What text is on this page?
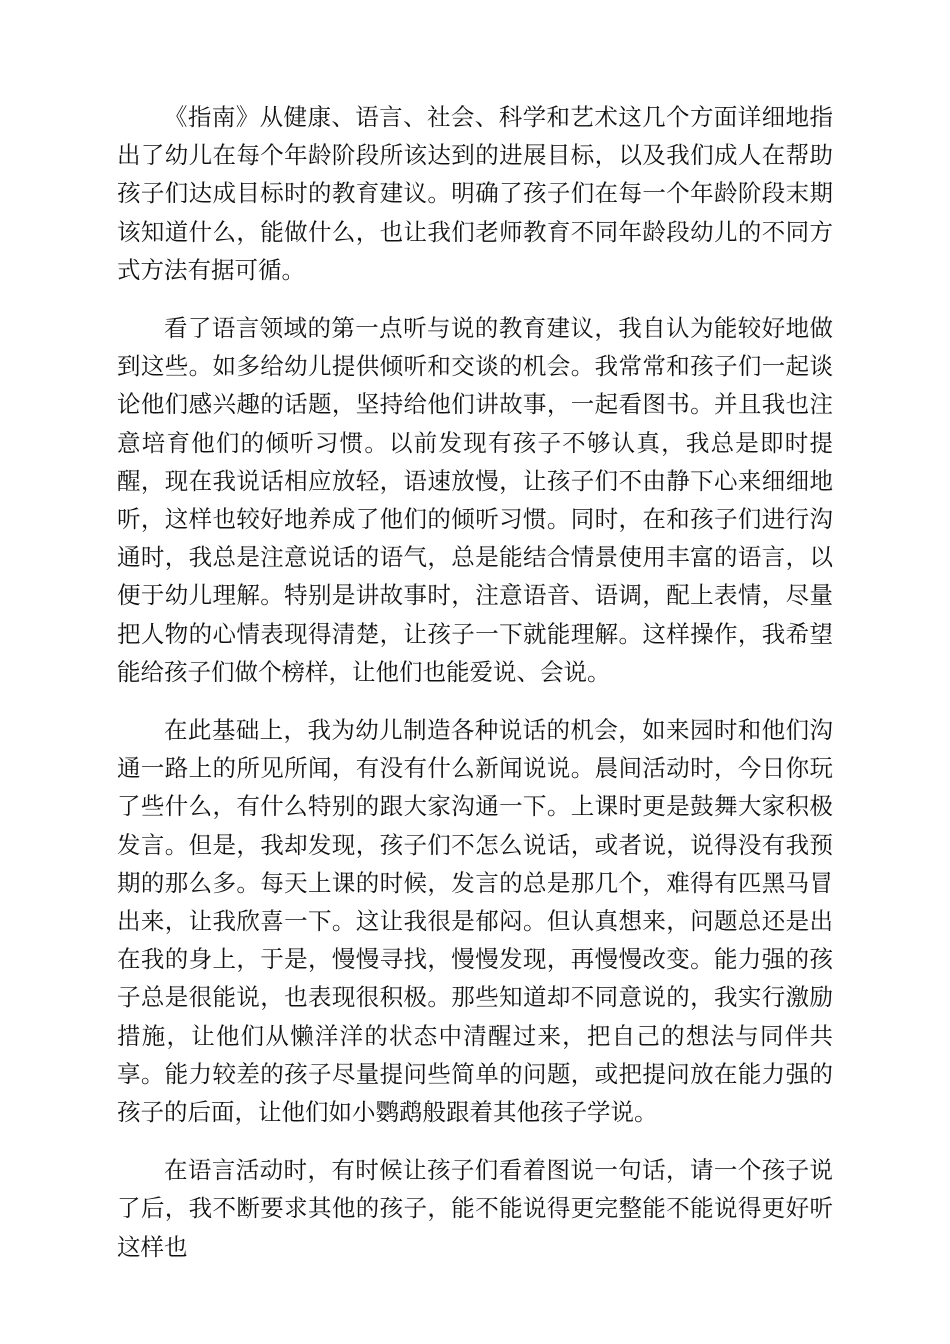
《指南》从健康、语言、社会、科学和艺术这几个方面详细地指出了幼儿在每个年龄阶段所该达到的进展目标，以及我们成人在帮助孩子们达成目标时的教育建议。明确了孩子们在每一个年龄阶段末期该知道什么，能做什么，也让我们老师教育不同年龄段幼儿的不同方式方法有据可循。

看了语言领域的第一点听与说的教育建议，我自认为能较好地做到这些。如多给幼儿提供倾听和交谈的机会。我常常和孩子们一起谈论他们感兴趣的话题，坚持给他们讲故事，一起看图书。并且我也注意培育他们的倾听习惯。以前发现有孩子不够认真，我总是即时提醒，现在我说话相应放轻，语速放慢，让孩子们不由静下心来细细地听，这样也较好地养成了他们的倾听习惯。同时，在和孩子们进行沟通时，我总是注意说话的语气，总是能结合情景使用丰富的语言，以便于幼儿理解。特别是讲故事时，注意语音、语调，配上表情，尽量把人物的心情表现得清楚，让孩子一下就能理解。这样操作，我希望能给孩子们做个榜样，让他们也能爱说、会说。

在此基础上，我为幼儿制造各种说话的机会，如来园时和他们沟通一路上的所见所闻，有没有什么新闻说说。晨间活动时，今日你玩了些什么，有什么特别的跟大家沟通一下。上课时更是鼓舞大家积极发言。但是，我却发现，孩子们不怎么说话，或者说，说得没有我预期的那么多。每天上课的时候，发言的总是那几个，难得有匹黑马冒出来，让我欣喜一下。这让我很是郁闷。但认真想来，问题总还是出在我的身上，于是，慢慢寻找，慢慢发现，再慢慢改变。能力强的孩子总是很能说，也表现很积极。那些知道却不同意说的，我实行激励措施，让他们从懒洋洋的状态中清醒过来，把自己的想法与同伴共享。能力较差的孩子尽量提问些简单的问题，或把提问放在能力强的孩子的后面，让他们如小鹦鹉般跟着其他孩子学说。

在语言活动时，有时候让孩子们看着图说一句话，请一个孩子说了后，我不断要求其他的孩子，能不能说得更完整能不能说得更好听这样也
